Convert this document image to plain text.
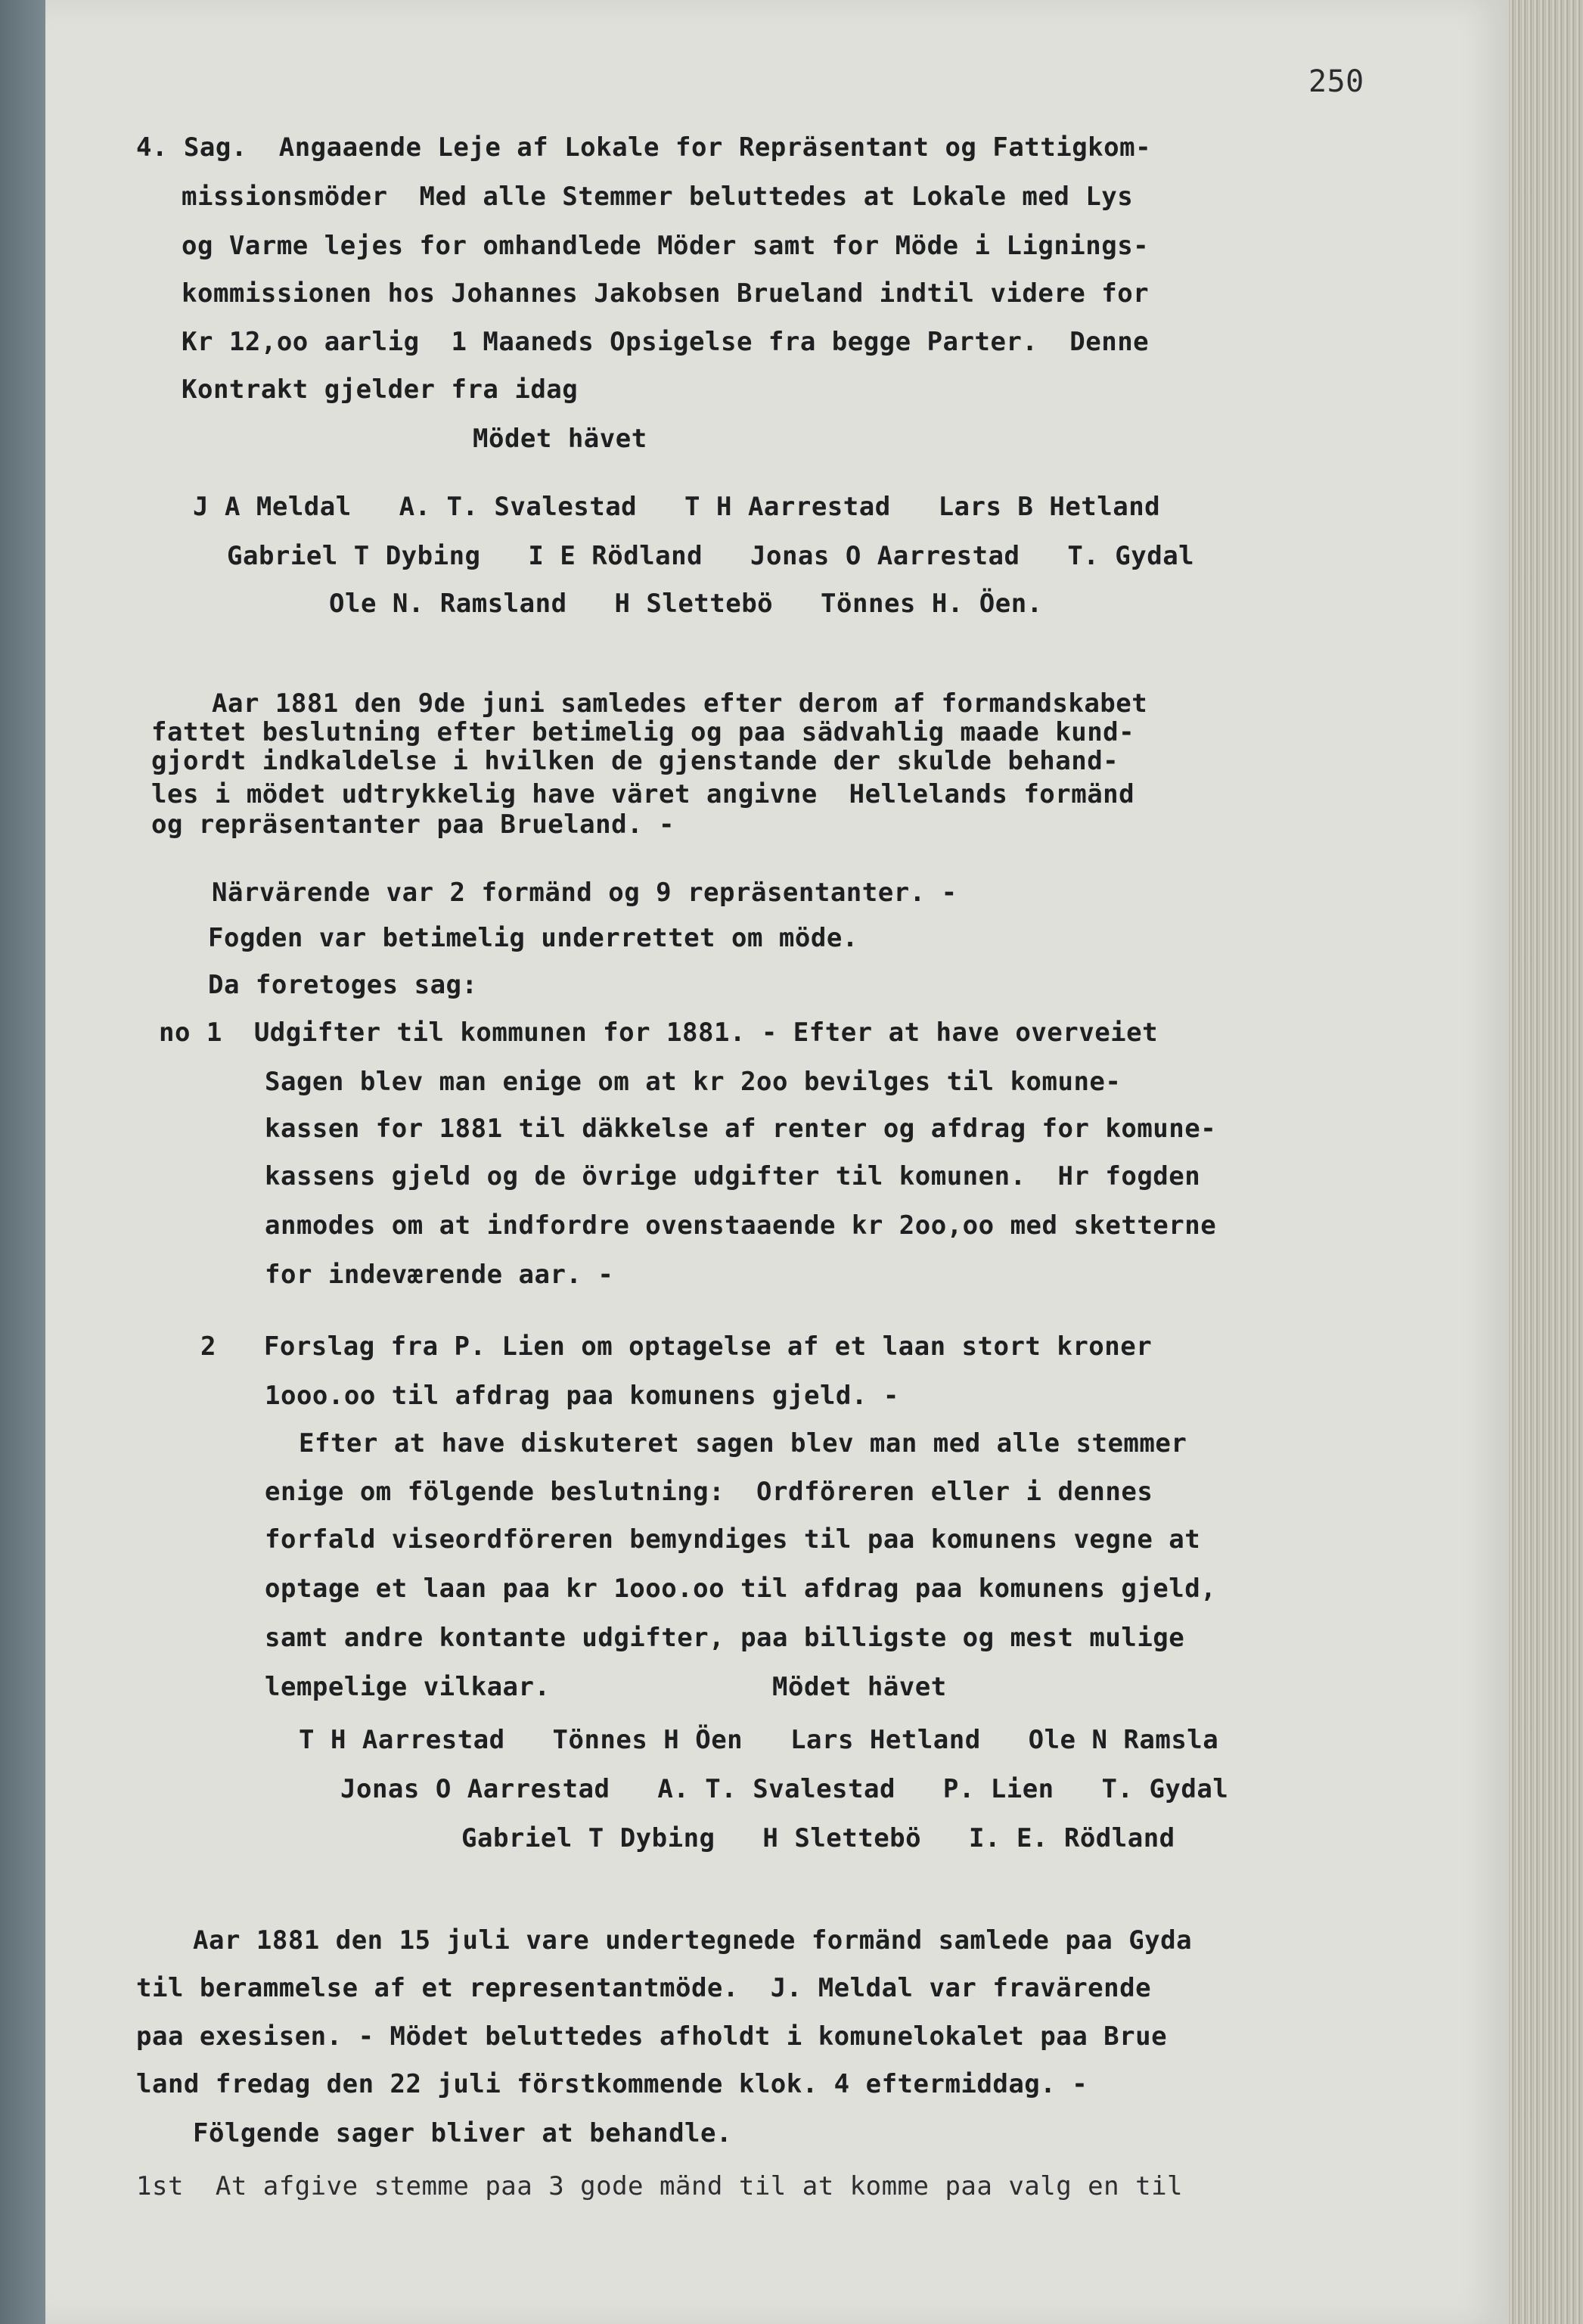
250

4. Sag.  Angaaende Leje af Lokale for Repräsentant og Fattigkom-

missionsmöder  Med alle Stemmer beluttedes at Lokale med Lys

og Varme lejes for omhandlede Möder samt for Möde i Lignings-

kommissionen hos Johannes Jakobsen Brueland indtil videre for

Kr 12,oo aarlig  1 Maaneds Opsigelse fra begge Parter.  Denne

Kontrakt gjelder fra idag

Mödet hävet

J A Meldal   A. T. Svalestad   T H Aarrestad   Lars B Hetland

Gabriel T Dybing   I E Rödland   Jonas O Aarrestad   T. Gydal

Ole N. Ramsland   H Slettebö   Tönnes H. Öen.

Aar 1881 den 9de juni samledes efter derom af formandskabet

fattet beslutning efter betimelig og paa sädvahlig maade kund-

gjordt indkaldelse i hvilken de gjenstande der skulde behand-

les i mödet udtrykkelig have väret angivne  Hellelands formänd

og repräsentanter paa Brueland. -

Närvärende var 2 formänd og 9 repräsentanter. -

Fogden var betimelig underrettet om möde.

Da foretoges sag:

no 1  Udgifter til kommunen for 1881. - Efter at have overveiet

Sagen blev man enige om at kr 2oo bevilges til komune-

kassen for 1881 til däkkelse af renter og afdrag for komune-

kassens gjeld og de övrige udgifter til komunen.  Hr fogden

anmodes om at indfordre ovenstaaende kr 2oo,oo med sketterne

for indeværende aar. -

2   Forslag fra P. Lien om optagelse af et laan stort kroner

1ooo.oo til afdrag paa komunens gjeld. -

Efter at have diskuteret sagen blev man med alle stemmer

enige om fölgende beslutning:  Ordföreren eller i dennes

forfald viseordföreren bemyndiges til paa komunens vegne at

optage et laan paa kr 1ooo.oo til afdrag paa komunens gjeld,

samt andre kontante udgifter, paa billigste og mest mulige

lempelige vilkaar.              Mödet hävet

T H Aarrestad   Tönnes H Öen   Lars Hetland   Ole N Ramsla

Jonas O Aarrestad   A. T. Svalestad   P. Lien   T. Gydal

Gabriel T Dybing   H Slettebö   I. E. Rödland

Aar 1881 den 15 juli vare undertegnede formänd samlede paa Gyda

til berammelse af et representantmöde.  J. Meldal var fravärende

paa exesisen. - Mödet beluttedes afholdt i komunelokalet paa Brue

land fredag den 22 juli förstkommende klok. 4 eftermiddag. -

Fölgende sager bliver at behandle.

1st  At afgive stemme paa 3 gode mänd til at komme paa valg en til
